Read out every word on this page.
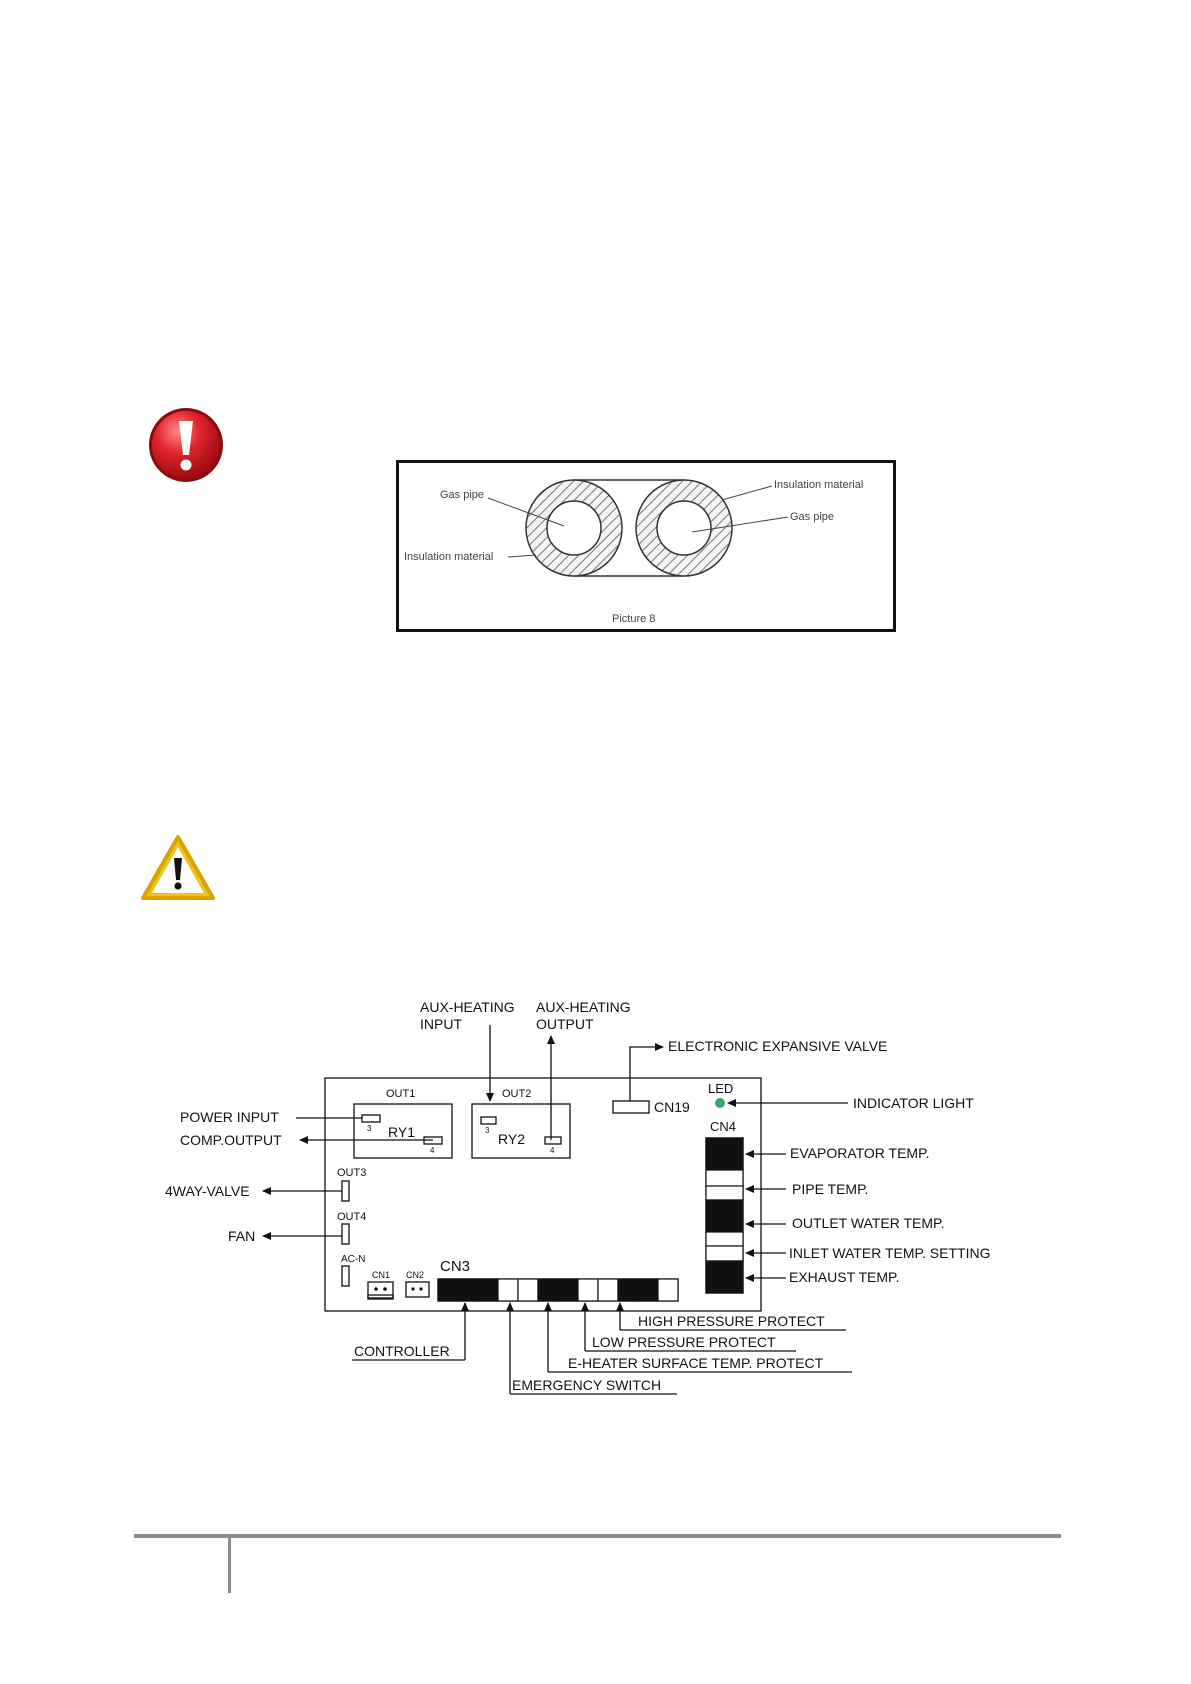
Gas pipe
Insulation material
Insulation material
Gas pipe
Picture 8
AUX-HEATING
INPUT
AUX-HEATING
OUTPUT
ELECTRONIC EXPANSIVE VALVE
OUT1	OUT2
RY1	RY2
3
4
3
4
CN19
LED
INDICATOR LIGHT
CN4
POWER INPUT
COMP.OUTPUT
OUT3
4WAY-VALVE
OUT4
FAN
AC-N
CN1 CN2 CN3
EVAPORATOR TEMP.
PIPE TEMP.
OUTLET WATER TEMP.
INLET WATER TEMP. SETTING
EXHAUST TEMP.
HIGH PRESSURE PROTECT
LOW PRESSURE PROTECT
E-HEATER SURFACE TEMP. PROTECT
CONTROLLER
EMERGENCY SWITCH
